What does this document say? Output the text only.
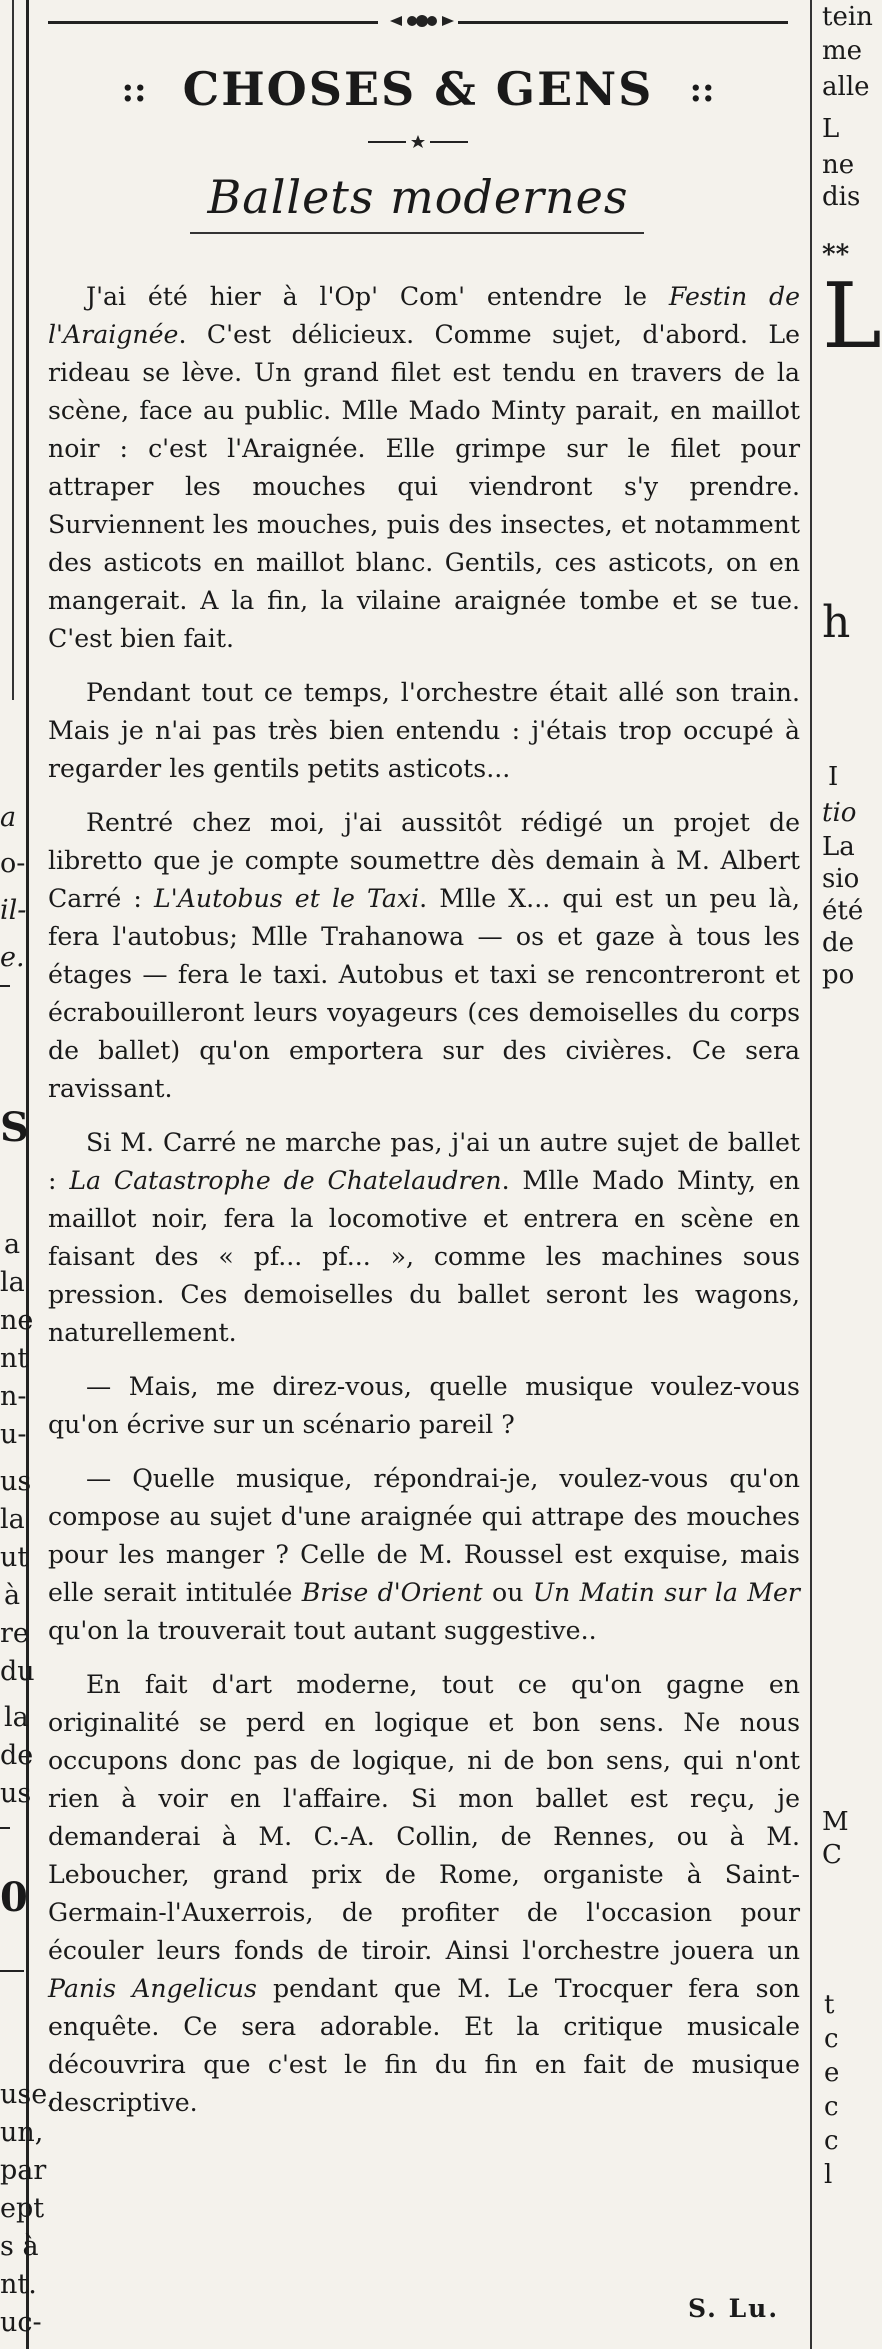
a
o-
il-
e.
S
a
la
ne
nt
n-
u-
us
la
ut
à
re
du
la
de
us
0
use,
un,
par
ept
s à
nt.
uc-
tein
me
alle
L
ne
dis
**
L
h
I
tio
La
sio
été
de
po
M
C
t
c
e
c
c
l
:: CHOSES & GENS ::
Ballets modernes

J'ai été hier à l'Op' Com' entendre le Festin de l'Araignée. C'est délicieux. Comme sujet, d'abord. Le rideau se lève. Un grand filet est tendu en travers de la scène, face au public. Mlle Mado Minty parait, en maillot noir : c'est l'Araignée. Elle grimpe sur le filet pour attraper les mouches qui viendront s'y prendre. Surviennent les mouches, puis des insectes, et notamment des asticots en maillot blanc. Gentils, ces asticots, on en mangerait. A la fin, la vilaine araignée tombe et se tue. C'est bien fait.

Pendant tout ce temps, l'orchestre était allé son train. Mais je n'ai pas très bien entendu : j'étais trop occupé à regarder les gentils petits asticots...

Rentré chez moi, j'ai aussitôt rédigé un projet de libretto que je compte soumettre dès demain à M. Albert Carré : L'Autobus et le Taxi. Mlle X... qui est un peu là, fera l'autobus; Mlle Trahanowa — os et gaze à tous les étages — fera le taxi. Autobus et taxi se rencontreront et écrabouilleront leurs voyageurs (ces demoiselles du corps de ballet) qu'on emportera sur des civières. Ce sera ravissant.

Si M. Carré ne marche pas, j'ai un autre sujet de ballet : La Catastrophe de Chatelaudren. Mlle Mado Minty, en maillot noir, fera la locomotive et entrera en scène en faisant des « pf... pf... », comme les machines sous pression. Ces demoiselles du ballet seront les wagons, naturellement.

— Mais, me direz-vous, quelle musique voulez-vous qu'on écrive sur un scénario pareil ?

— Quelle musique, répondrai-je, voulez-vous qu'on compose au sujet d'une araignée qui attrape des mouches pour les manger ? Celle de M. Roussel est exquise, mais elle serait intitulée Brise d'Orient ou Un Matin sur la Mer qu'on la trouverait tout autant suggestive..

En fait d'art moderne, tout ce qu'on gagne en originalité se perd en logique et bon sens. Ne nous occupons donc pas de logique, ni de bon sens, qui n'ont rien à voir en l'affaire. Si mon ballet est reçu, je demanderai à M. C.-A. Collin, de Rennes, ou à M. Leboucher, grand prix de Rome, organiste à Saint-Germain-l'Auxerrois, de profiter de l'occasion pour écouler leurs fonds de tiroir. Ainsi l'orchestre jouera un Panis Angelicus pendant que M. Le Trocquer fera son enquête. Ce sera adorable. Et la critique musicale découvrira que c'est le fin du fin en fait de musique descriptive.

S. Lu.
